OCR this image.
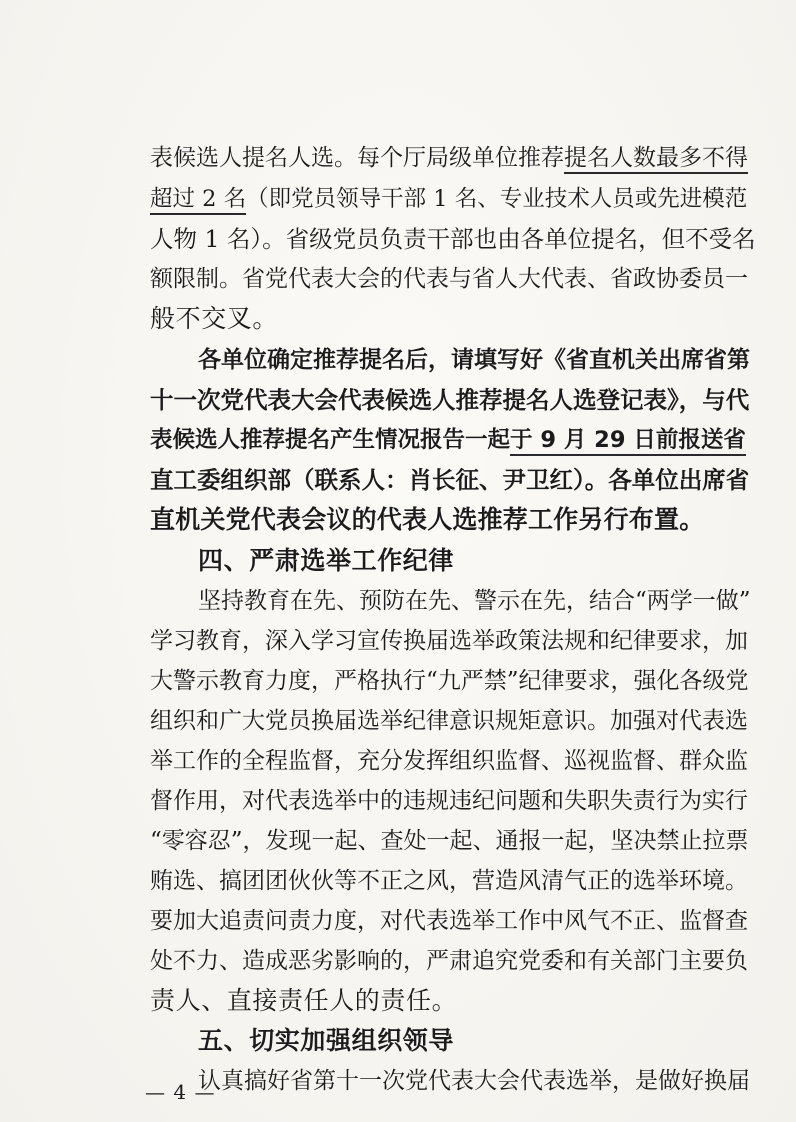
表候选人提名人选。每个厅局级单位推荐提名人数最多不得
超过 2 名（即党员领导干部 1 名、专业技术人员或先进模范
人物 1 名）。省级党员负责干部也由各单位提名，但不受名
额限制。省党代表大会的代表与省人大代表、省政协委员一
般不交叉。
各单位确定推荐提名后，请填写好《省直机关出席省第
十一次党代表大会代表候选人推荐提名人选登记表》，与代
表候选人推荐提名产生情况报告一起于 9 月 29 日前报送省
直工委组织部（联系人：肖长征、尹卫红）。各单位出席省
直机关党代表会议的代表人选推荐工作另行布置。
四、严肃选举工作纪律
坚持教育在先、预防在先、警示在先，结合“两学一做”
学习教育，深入学习宣传换届选举政策法规和纪律要求，加
大警示教育力度，严格执行“九严禁”纪律要求，强化各级党
组织和广大党员换届选举纪律意识规矩意识。加强对代表选
举工作的全程监督，充分发挥组织监督、巡视监督、群众监
督作用，对代表选举中的违规违纪问题和失职失责行为实行
“零容忍”，发现一起、查处一起、通报一起，坚决禁止拉票
贿选、搞团团伙伙等不正之风，营造风清气正的选举环境。
要加大追责问责力度，对代表选举工作中风气不正、监督查
处不力、造成恶劣影响的，严肃追究党委和有关部门主要负
责人、直接责任人的责任。
五、切实加强组织领导
认真搞好省第十一次党代表大会代表选举，是做好换届
— 4 —
